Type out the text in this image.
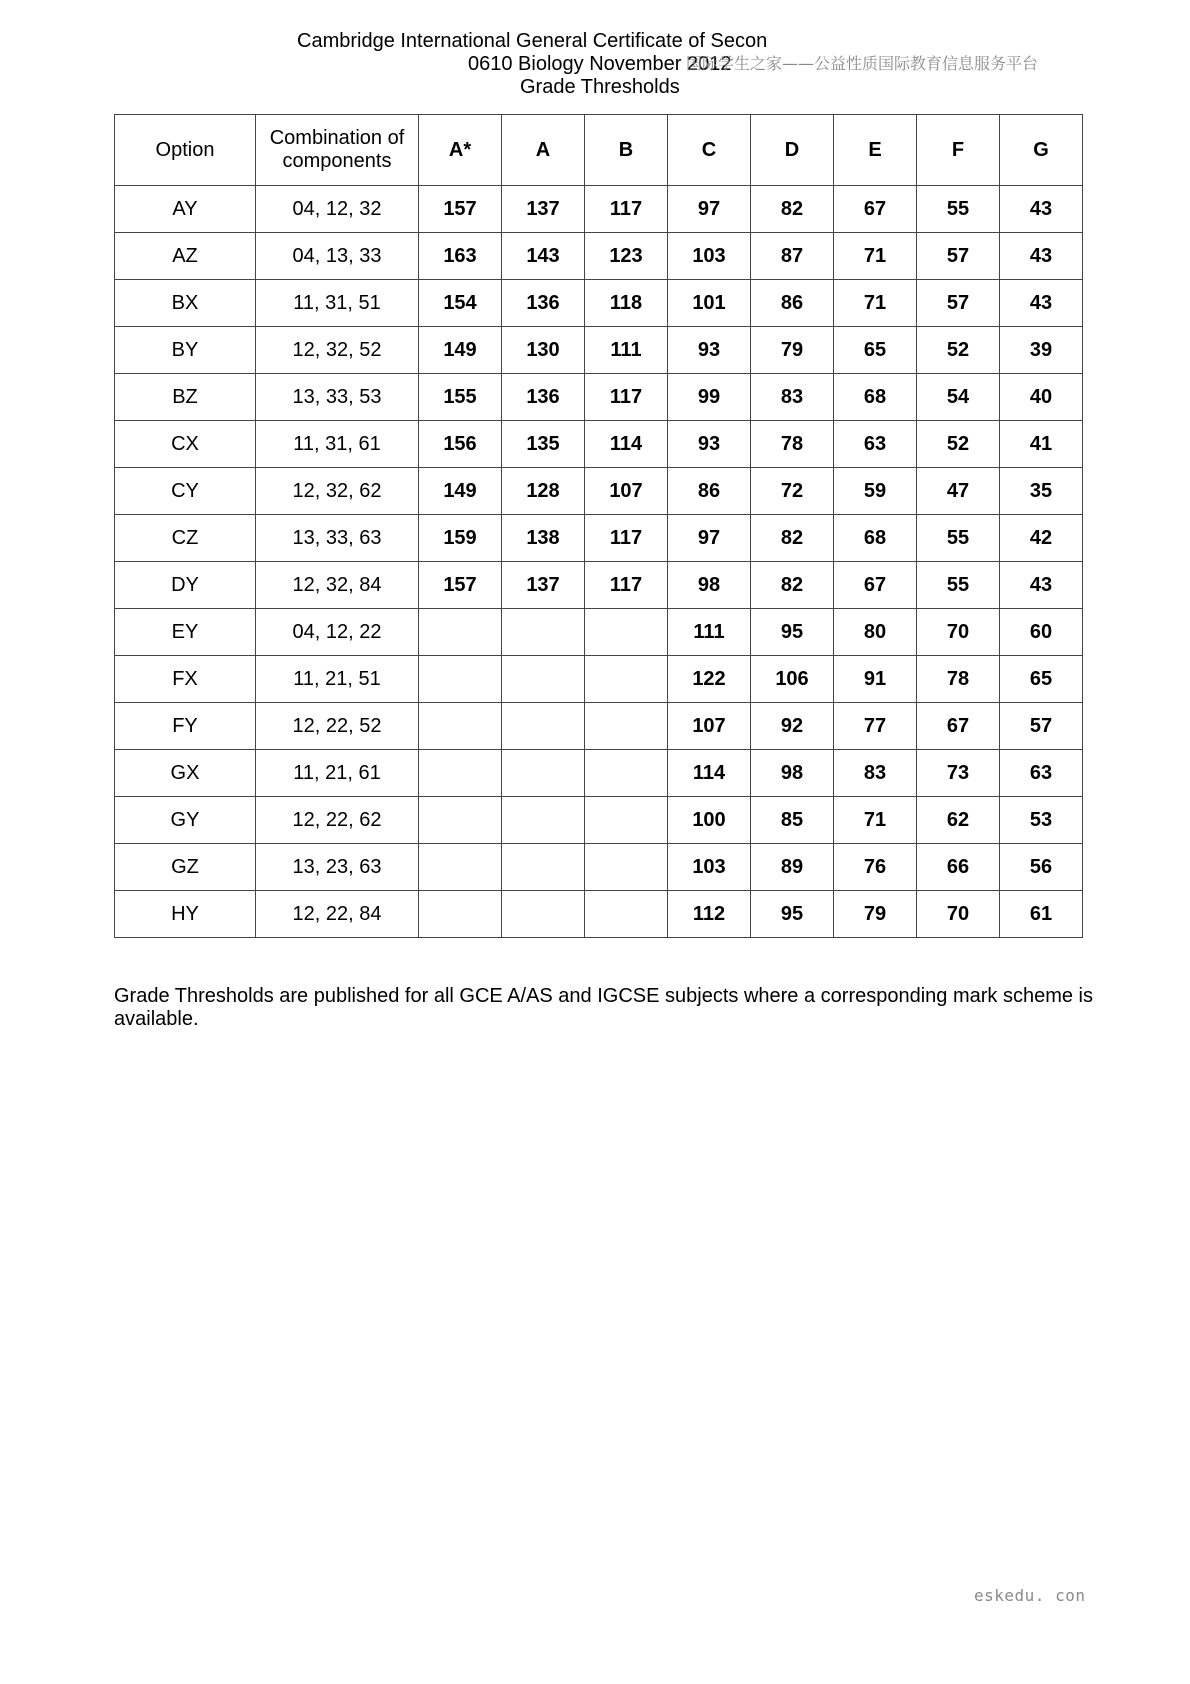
Cambridge International General Certificate of Secon
0610 Biology November 2012
Grade Thresholds
国际学生之家——公益性质国际教育信息服务平台
Option	Combination of components	A*	A	B	C	D	E	F	G
AY	04, 12, 32	157	137	117	97	82	67	55	43
AZ	04, 13, 33	163	143	123	103	87	71	57	43
BX	11, 31, 51	154	136	118	101	86	71	57	43
BY	12, 32, 52	149	130	111	93	79	65	52	39
BZ	13, 33, 53	155	136	117	99	83	68	54	40
CX	11, 31, 61	156	135	114	93	78	63	52	41
CY	12, 32, 62	149	128	107	86	72	59	47	35
CZ	13, 33, 63	159	138	117	97	82	68	55	42
DY	12, 32, 84	157	137	117	98	82	67	55	43
EY	04, 12, 22				111	95	80	70	60
FX	11, 21, 51				122	106	91	78	65
FY	12, 22, 52				107	92	77	67	57
GX	11, 21, 61				114	98	83	73	63
GY	12, 22, 62				100	85	71	62	53
GZ	13, 23, 63				103	89	76	66	56
HY	12, 22, 84				112	95	79	70	61
Grade Thresholds are published for all GCE A/AS and IGCSE subjects where a corresponding mark scheme is available.
eskedu. con
